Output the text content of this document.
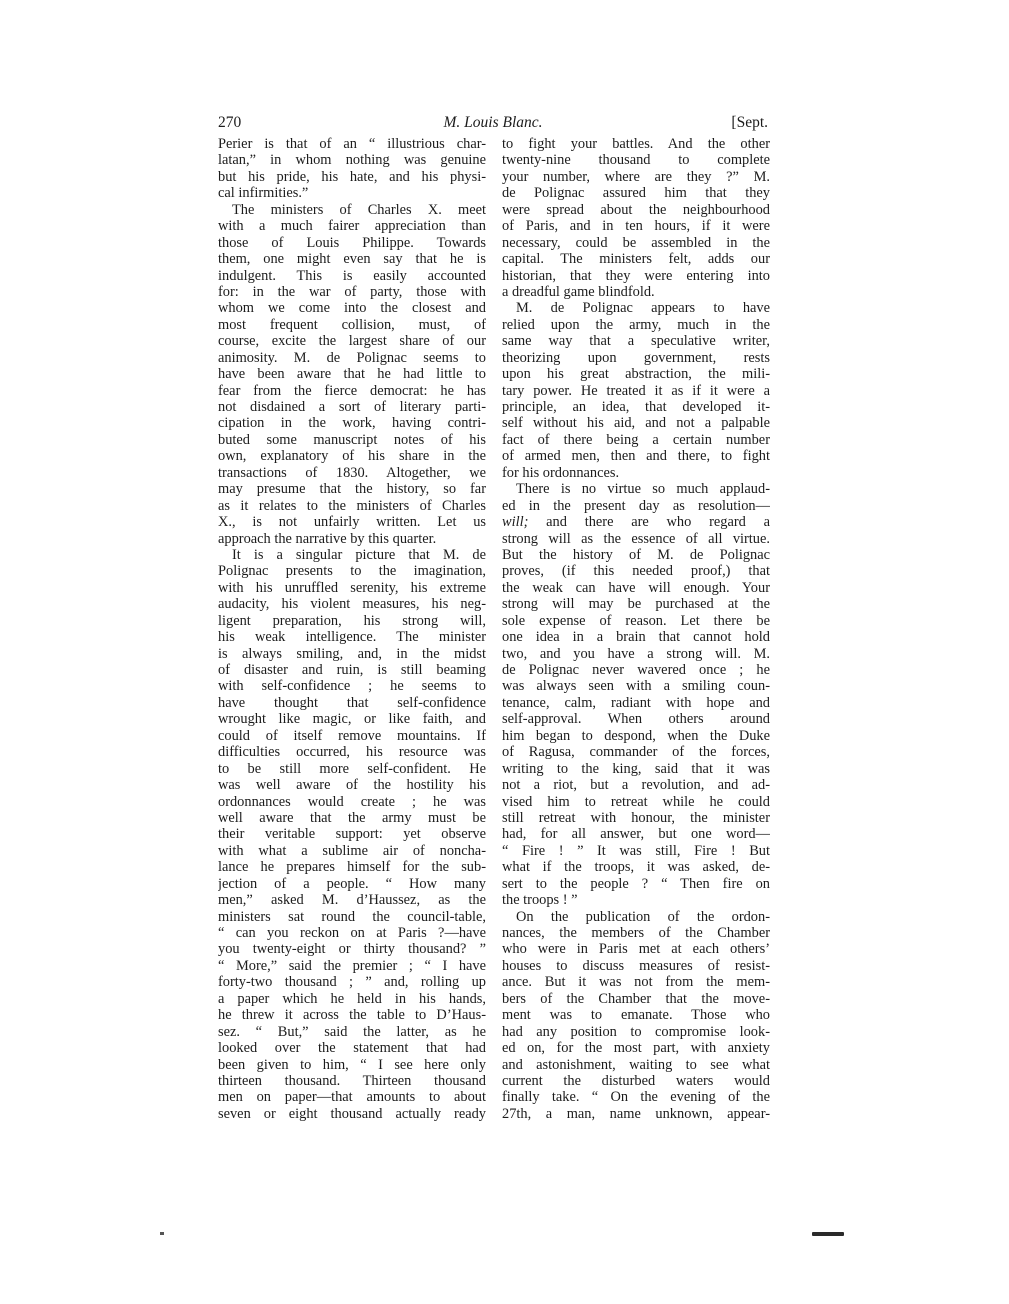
270	M. Louis Blanc.	[Sept.
Perier is that of an “ illustrious char-
latan,” in whom nothing was genuine
but his pride, his hate, and his physi-
cal infirmities.”
The ministers of Charles X. meet
with a much fairer appreciation than
those of Louis Philippe. Towards
them, one might even say that he is
indulgent. This is easily accounted
for: in the war of party, those with
whom we come into the closest and
most frequent collision, must, of
course, excite the largest share of our
animosity. M. de Polignac seems to
have been aware that he had little to
fear from the fierce democrat: he has
not disdained a sort of literary parti-
cipation in the work, having contri-
buted some manuscript notes of his
own, explanatory of his share in the
transactions of 1830. Altogether, we
may presume that the history, so far
as it relates to the ministers of Charles
X., is not unfairly written. Let us
approach the narrative by this quarter.
It is a singular picture that M. de
Polignac presents to the imagination,
with his unruffled serenity, his extreme
audacity, his violent measures, his neg-
ligent preparation, his strong will,
his weak intelligence. The minister
is always smiling, and, in the midst
of disaster and ruin, is still beaming
with self-confidence ; he seems to
have thought that self-confidence
wrought like magic, or like faith, and
could of itself remove mountains. If
difficulties occurred, his resource was
to be still more self-confident. He
was well aware of the hostility his
ordonnances would create ; he was
well aware that the army must be
their veritable support: yet observe
with what a sublime air of noncha-
lance he prepares himself for the sub-
jection of a people. “ How many
men,” asked M. d’Haussez, as the
ministers sat round the council-table,
“ can you reckon on at Paris ?—have
you twenty-eight or thirty thousand? ”
“ More,” said the premier ; “ I have
forty-two thousand ; ” and, rolling up
a paper which he held in his hands,
he threw it across the table to D’Haus-
sez. “ But,” said the latter, as he
looked over the statement that had
been given to him, “ I see here only
thirteen thousand. Thirteen thousand
men on paper—that amounts to about
seven or eight thousand actually ready
to fight your battles. And the other
twenty-nine thousand to complete
your number, where are they ?” M.
de Polignac assured him that they
were spread about the neighbourhood
of Paris, and in ten hours, if it were
necessary, could be assembled in the
capital. The ministers felt, adds our
historian, that they were entering into
a dreadful game blindfold.
M. de Polignac appears to have
relied upon the army, much in the
same way that a speculative writer,
theorizing upon government, rests
upon his great abstraction, the mili-
tary power. He treated it as if it were a
principle, an idea, that developed it-
self without his aid, and not a palpable
fact of there being a certain number
of armed men, then and there, to fight
for his ordonnances.
There is no virtue so much applaud-
ed in the present day as resolution—
will; and there are who regard a
strong will as the essence of all virtue.
But the history of M. de Polignac
proves, (if this needed proof,) that
the weak can have will enough. Your
strong will may be purchased at the
sole expense of reason. Let there be
one idea in a brain that cannot hold
two, and you have a strong will. M.
de Polignac never wavered once ; he
was always seen with a smiling coun-
tenance, calm, radiant with hope and
self-approval. When others around
him began to despond, when the Duke
of Ragusa, commander of the forces,
writing to the king, said that it was
not a riot, but a revolution, and ad-
vised him to retreat while he could
still retreat with honour, the minister
had, for all answer, but one word—
“ Fire ! ” It was still, Fire ! But
what if the troops, it was asked, de-
sert to the people ? “ Then fire on
the troops ! ”
On the publication of the ordon-
nances, the members of the Chamber
who were in Paris met at each others’
houses to discuss measures of resist-
ance. But it was not from the mem-
bers of the Chamber that the move-
ment was to emanate. Those who
had any position to compromise look-
ed on, for the most part, with anxiety
and astonishment, waiting to see what
current the disturbed waters would
finally take. “ On the evening of the
27th, a man, name unknown, appear-
